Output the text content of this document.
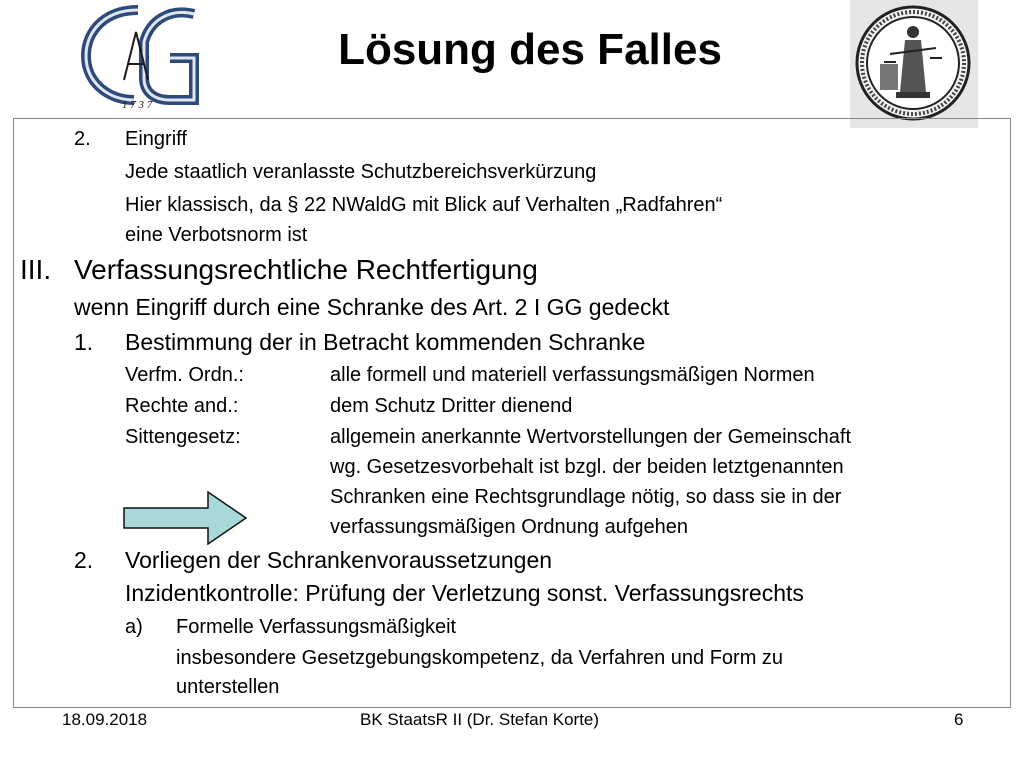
1 7 3 7
Lösung des Falles
2. Eingriff
Jede staatlich veranlasste Schutzbereichsverkürzung
Hier klassisch, da § 22 NWaldG mit Blick auf Verhalten „Radfahren“
eine Verbotsnorm ist
III. Verfassungsrechtliche Rechtfertigung
wenn Eingriff durch eine Schranke des Art. 2 I GG gedeckt
1. Bestimmung der in Betracht kommenden Schranke
Verfm. Ordn.:	alle formell und materiell verfassungsmäßigen Normen
Rechte and.:	dem Schutz Dritter dienend
Sittengesetz:	allgemein anerkannte Wertvorstellungen der Gemeinschaft
wg. Gesetzesvorbehalt ist bzgl. der beiden letztgenannten
Schranken eine Rechtsgrundlage nötig, so dass sie in der
verfassungsmäßigen Ordnung aufgehen
2. Vorliegen der Schrankenvoraussetzungen
Inzidentkontrolle: Prüfung der Verletzung sonst. Verfassungsrechts
a) Formelle Verfassungsmäßigkeit
insbesondere Gesetzgebungskompetenz, da Verfahren und Form zu
unterstellen
18.09.2018	BK StaatsR II (Dr. Stefan Korte)	6
